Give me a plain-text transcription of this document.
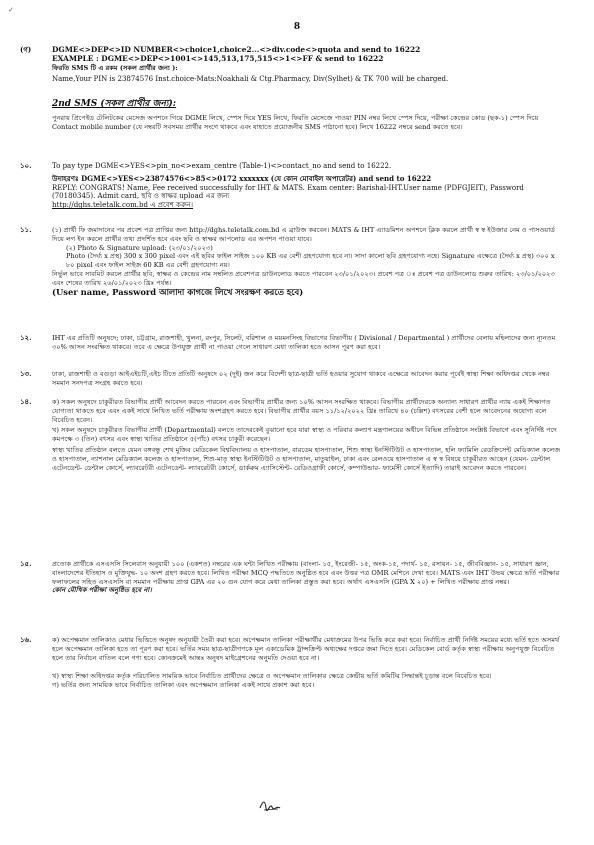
✓
8
(গ)	DGME<>DEP<>ID NUMBER<>choice1,choice2...<>div.code<>quota and send to 16222

EXAMPLE : DGME<>DEP<>1001<>145,513,175,515<>1<>FF & send to 16222

ফিরতি SMS টি এ রকম (সকল প্রার্থীর জন্য ):

Name,Your PIN is 23874576 Inst.choice-Mats:Noakhali & Ctg.Pharmacy, Div(Sylhet) & TK 700 will be charged.

2nd SMS (সকল প্রার্থীর জন্য):

পুনরায় প্রিপেইড টেলিটকের মেসেজ অপশনে গিয়ে DGME লিখে, স্পেস দিয়ে YES লিখে, ফিরতি মেসেজে পাওয়া PIN নম্বর লিখে স্পেস দিয়ে, পরীক্ষা কেন্দ্রের কোড (ছক-১) স্পেস দিয়ে Contact mobile number (যে নম্বরটি সবসময় প্রার্থীর সংগে থাকবে এবং যাহাতে প্রয়োজনীয় SMS পাঠানো হবে) লিখে 16222 নম্বরে send করতে হবে।

১০.	To pay type DGME<>YES<>pin_no<>exam_centre (Table-1)<>contact_no and send to 16222.

উদাহরণঃ DGME<>YES<>23874576<>85<>0172 xxxxxxx (যে কোন মোবাইল অপারেটর) and send to 16222

REPLY: CONGRATS! Name, Fee received successfully for IHT & MATS. Exam center: Barishal-IHT.User name (PDFGJEIT), Password (70180345). Admit card, ছবি ও স্বাক্ষর upload এর জন্য

http://dghs.teletalk.com.bd এ প্রবেশ করুন।

১১.	(১) প্রার্থী ফি জমাদানের পর প্রবেশ পত্র প্রাপ্তির জন্য http://dghs.teletalk.com.bd এ ব্রাউজ করবেন। MATS & IHT এ্যাডমিশন অপশনে ক্লিক করলে প্রার্থী স্ব স্ব ইউজার নেম ও পাসওয়ার্ড দিয়ে লগ ইন করলে প্রার্থীর তথ্য প্রদর্শিত হবে এবং ছবি ও স্বাক্ষর আপলোড এর অপশন পাওয়া যাবে।

(২) Photo & Signature upload: (২৩/০১/২০২৩)

Photo (দৈর্ঘ্য x প্রস্থ) 300 x 300 pixel এবং এই ছবির ফাইল সাইজ ১০০ KB এর বেশী গ্রহণযোগ্য হবে না। সাদা কালো ছবি গ্রহণযোগ্য নহে। Signature এক্ষেত্রে (দৈর্ঘ্য x প্রস্থ) ৩০০ x ৮০ pixel এবং ফাইল সাইজ 60 KB এর বেশী গ্রহণযোগ্য নয়।

নির্ভুল ভাবে সাবমিট করলে প্রার্থীর ছবি, স্বাক্ষর ও কেন্দ্রের নাম সম্বলিত প্রবেশপত্র ডাউনলোড করতে পারবেন ২৩/০১/২০২৩। প্রবেশ পত্র ঃ প্রবেশ পত্র ডাউনলোড শুরুর তারিখ: ২৩/০১/২০২৩ এবং শেষের তারিখ ২৬/০১/২০২৩ খ্রিঃ পর্যন্ত।

(User name, Password আলাদা কাগজে লিখে সংরক্ষণ করতে হবে)

১২.	IHT এর প্রতিটি অনুষদে; ঢাকা, চট্টগ্রাম, রাজশাহী, খুলনা, রংপুর, সিলেট, বরিশাল ও ময়মনসিংহ বিভাগের বিভাগীয় ( Divisional / Departmental ) প্রার্থীদের বেলায় মহিলাদের জন্য ন্যূনতম ৩০% আসন সংরক্ষিত থাকবে। তবে এ ক্ষেত্রে উপযুক্ত প্রার্থী না পাওয়া গেলে সাধারণ মেধা তালিকা হতে আসন পূরণ করা হবে।

১৩.	ঢাকা, রাজশাহী ও বগুড়া আইএইচটি,এইচ টিতে প্রতিটি অনুষদে ০২ (দুই) জন করে বিদেশী ছাত্র-ছাত্রী ভর্তি হওয়ার সুযোগ থাকবে এক্ষেত্রে আবেদন করার পূর্বেই স্বাস্থ্য শিক্ষা অধিদপ্তর থেকে নম্বর সমমান সনদপত্র সংগ্রহ করতে হবে।

১৪.	ক) সকল অনুষদে চাকুরীরত বিভাগীয় প্রার্থী আবেদন করতে পারবেন এবং বিভাগীয় প্রার্থীর জন্য ১০% আসন সংরক্ষিত থাকবে। বিভাগীয় প্রার্থীদেরকে অন্যান্য সাধারণ প্রার্থীর ন্যায় একই শিক্ষাগত যোগ্যতা থাকতে হবে এবং একই সাথে লিখিত ভর্তি পরীক্ষায় অংশগ্রহণ করতে হবে। বিভাগীয় প্রার্থীর বয়স ১১/১২/২০২২ খ্রিঃ তারিখে ৪০ (চল্লিশ) বৎসরের বেশী হলে আবেদনের অযোগ্য বলে বিবেচিত হবেন।

খ) সকল অনুষদে চাকুরীরত বিভাগীয় প্রার্থী (Departmental) বলতে তাদেরকেই বুঝানো হবে যারা স্বাস্থ্য ও পরিবার কল্যাণ মন্ত্রণালয়ের অধীনে বিভিন্ন প্রতিষ্ঠানে সংশ্লিষ্ট বিভাগে এবং সুনির্দিষ্ট পদে কমপক্ষে ৩ (তিন) বৎসর এবং স্বাস্থ্য খাতির প্রতিষ্ঠানে ৫(পাঁচ) বৎসর চাকুরী করেছেন।

স্বাস্থ্য খাতির প্রতিষ্ঠান বলতে যেমন বঙ্গবন্ধু শেখ মুজিব মেডিকেল বিশ্ববিদ্যালয় ও হাসপাতাল, বারডেম হাসপাতাল, শিশু স্বাস্থ্য ইনস্টিটিউট ও হাসপাতাল, হলি ফ্যামিলি রেডক্রিসেন্ট মেডিক্যাল কলেজ ও হাসপাতাল, ন্যাশনাল মেডিক্যাল কলেজ ও হাসপাতাল, শিশু-মাতৃ স্বাস্থ্য ইনস্টিটিউট ও হাসপাতাল, মাতুয়াইল, ঢাকা এবং রেলওয়ে হাসপাতাল এ স্ব স্ব বিষয়ে চাকুরীরত আছেন (যেমন- ডেন্টাল এটেনডেন্ট- ডেন্টাল কোর্সে, ল্যাবরেটরী এটেনডেন্ট- ল্যাবরেটরী কোর্সে, ডার্করুম এ্যাসিস্টেন্ট- রেডিওগ্রাফী কোর্সে, কম্পাউন্ডার- ফার্মেসী কোর্সে ইত্যাদি) তারাই আবেদন করতে পারবেন।

১৫.	প্রত্যেক প্রার্থীকে এসএসসি সিলেবাস অনুযায়ী ১০০ (একশত) নম্বরের এক ঘন্টা লিখিত পরীক্ষায় (বাংলা- ১৫, ইংরেজী- ১৫, অংক-১৫, পদার্থ- ১৫, রসায়ন- ১৫, জীববিজ্ঞান- ১৫, সাধারণ জ্ঞান, বাংলাদেশের ইতিহাস ও মুক্তিযুদ্ধ- ১০ অংশ গ্রহণ করতে হবে। লিখিত পরীক্ষা MCQ পদ্ধতিতে অনুষ্ঠিত হবে এবং উত্তর পত্র OMR মেশিনে দেখা হবে। MATS এবং IHT উভয় ক্ষেত্রে ভর্তি পরীক্ষার ফলাফলের সহিত এসএসসি বা সমমান পরীক্ষায় প্রাপ্ত GPA এর ২০ গুন যোগ করে মেধা তালিকা প্রস্তুত করা হবে। অর্থাৎ এসএসসি (GPA X ২০) + লিখিত পরীক্ষায় প্রাপ্ত নম্বর।

কোন মৌখিক পরীক্ষা অনুষ্ঠিত হবে না।

১৬.	ক) অপেক্ষমান তালিকাও মেধার ভিত্তিতে অনুষদ অনুযায়ী তৈরী করা হবে। অপেক্ষমান তালিকা পরীক্ষার্থীর মেধাক্রমের উপর ভিত্তি করে করা হবে। নির্বাচিত প্রার্থী নির্দিষ্ট সময়ের মধ্যে ভর্তি হতে অসমর্থ হলে অপেক্ষমান তালিকা হতে তা পূরণ করা হবে। ভর্তির সময় ছাত্র-ছাত্রীগণকে মূল একাডেমিক ট্রান্সক্রিপ্ট অধ্যক্ষের দপ্তরে জমা দিতে হবে। মেডিকেল বোর্ড কর্তৃক স্বাস্থ্য পরীক্ষায় অনুপযুক্ত বিবেচিত হলে তার নির্বাচন বাতিল বলে গণ্য হবে। কোনক্রমেই আন্তঃ অনুষদ মাইগ্রেশনের অনুমতি দেওয়া হবে না।

খ) স্বাস্থ্য শিক্ষা অধিদপ্তর কর্তৃক পরিচালিত সাময়িক ভাবে নির্বাচিত প্রার্থীদের ক্ষেত্রে ও অপেক্ষমান তালিকার ক্ষেত্রে কেন্দ্রীয় ভর্তি কমিটির সিদ্ধান্তই চূড়ান্ত বলে বিবেচিত হবে।

গ) ভর্তির জন্য সাময়িক ভাবে নির্বাচিত তালিকা এবং অপেক্ষমান তালিকা একই সাথে প্রকাশ করা হবে।
